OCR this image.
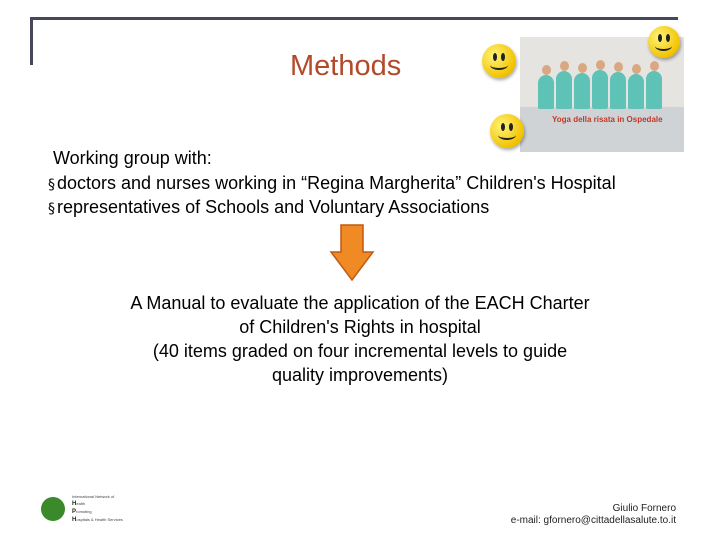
Methods
Yoga della risata in Ospedale
Working group with:
§ doctors and nurses working in “Regina Margherita” Children's Hospital
§ representatives of Schools and Voluntary Associations
A Manual to evaluate the application of the EACH Charter
of Children's Rights in hospital
(40 items graded on four incremental levels to guide
quality improvements)
International Network of
Health
Promoting
Hospitals & Health Services
Giulio Fornero
e-mail: gfornero@cittadellasalute.to.it
